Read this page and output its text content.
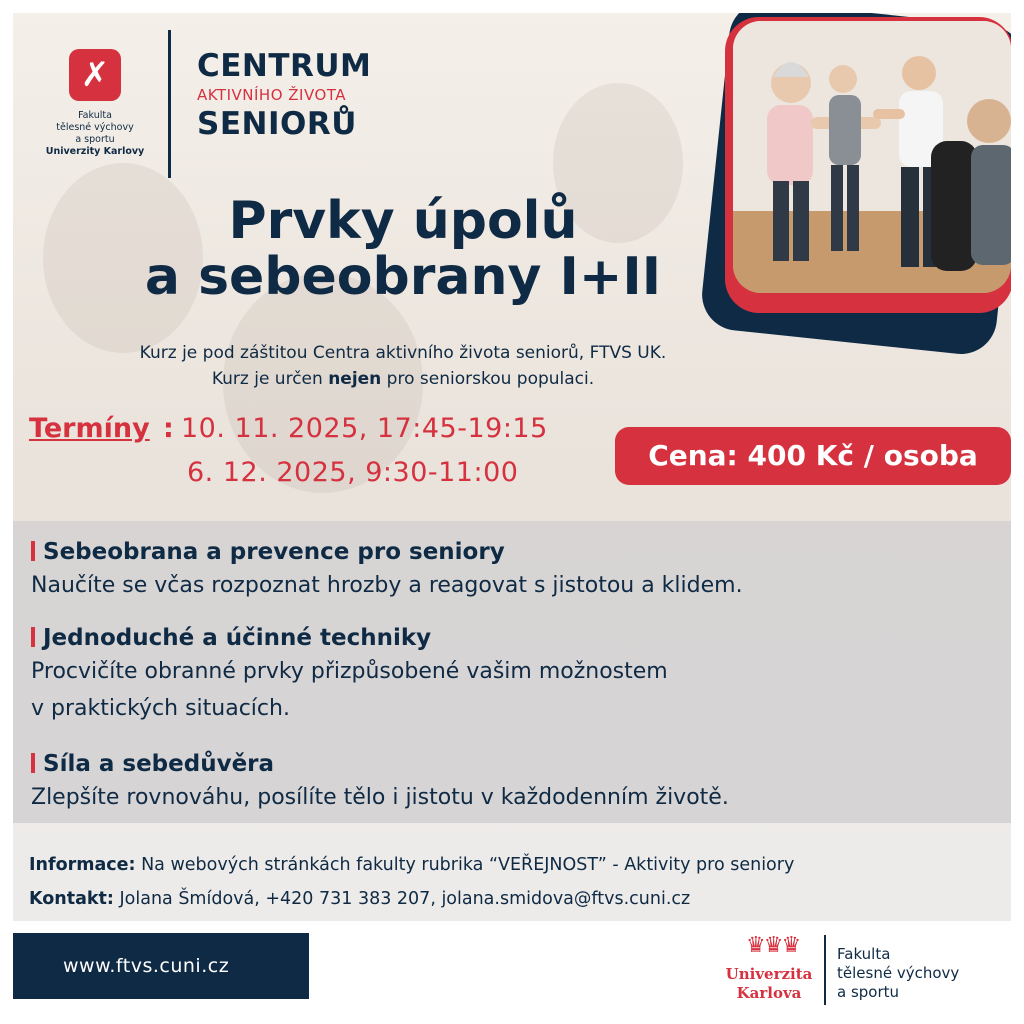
✗
Fakulta
tělesné výchovy
a sportu
Univerzity Karlovy
CENTRUM
AKTIVNÍHO ŽIVOTA
SENIORŮ
Prvky úpolů
a sebeobrany I+II
Kurz je pod záštitou Centra aktivního života seniorů, FTVS UK.
Kurz je určen nejen pro seniorskou populaci.
Termíny : 10. 11. 2025, 17:45-19:15
6. 12. 2025, 9:30-11:00
Cena: 400 Kč / osoba
Sebeobrana a prevence pro seniory
Naučíte se včas rozpoznat hrozby a reagovat s jistotou a klidem.
Jednoduché a účinné techniky
Procvičíte obranné prvky přizpůsobené vašim možnostem
v praktických situacích.
Síla a sebedůvěra
Zlepšíte rovnováhu, posílíte tělo i jistotu v každodenním životě.
Informace: Na webových stránkách fakulty rubrika “VEŘEJNOST” - Aktivity pro seniory
Kontakt: Jolana Šmídová, +420 731 383 207, jolana.smidova@ftvs.cuni.cz
www.ftvs.cuni.cz
♛♛♛
Univerzita
Karlova
Fakulta
tělesné výchovy
a sportu
